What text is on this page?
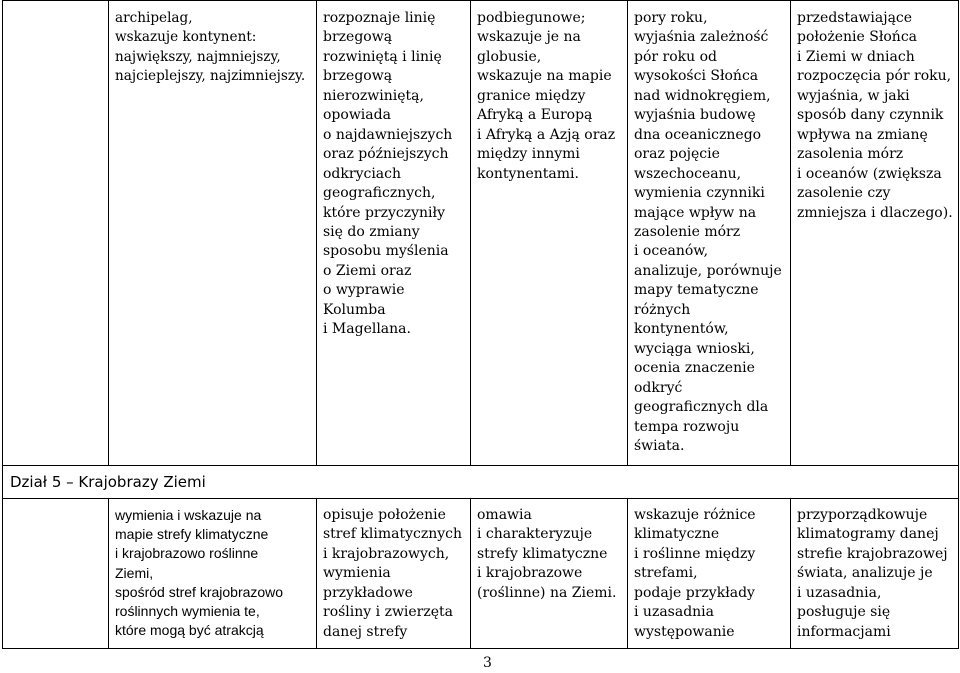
archipelag,
wskazuje kontynent:
największy, najmniejszy,
najcieplejszy, najzimniejszy.
rozpoznaje linię
brzegową
rozwiniętą i linię
brzegową
nierozwiniętą,
opowiada
o najdawniejszych
oraz późniejszych
odkryciach
geograficznych,
które przyczyniły
się do zmiany
sposobu myślenia
o Ziemi oraz
o wyprawie
Kolumba
i Magellana.
podbiegunowe;
wskazuje je na
globusie,
wskazuje na mapie
granice między
Afryką a Europą
i Afryką a Azją oraz
między innymi
kontynentami.
pory roku,
wyjaśnia zależność
pór roku od
wysokości Słońca
nad widnokręgiem,
wyjaśnia budowę
dna oceanicznego
oraz pojęcie
wszechoceanu,
wymienia czynniki
mające wpływ na
zasolenie mórz
i oceanów,
analizuje, porównuje
mapy tematyczne
różnych
kontynentów,
wyciąga wnioski,
ocenia znaczenie
odkryć
geograficznych dla
tempa rozwoju
świata.
przedstawiające
położenie Słońca
i Ziemi w dniach
rozpoczęcia pór roku,
wyjaśnia, w jaki
sposób dany czynnik
wpływa na zmianę
zasolenia mórz
i oceanów (zwiększa
zasolenie czy
zmniejsza i dlaczego).
Dział 5 – Krajobrazy Ziemi
wymienia i wskazuje na
mapie strefy klimatyczne
i krajobrazowo roślinne
Ziemi,
spośród stref krajobrazowo
roślinnych wymienia te,
które mogą być atrakcją
opisuje położenie
stref klimatycznych
i krajobrazowych,
wymienia
przykładowe
rośliny i zwierzęta
danej strefy
omawia
i charakteryzuje
strefy klimatyczne
i krajobrazowe
(roślinne) na Ziemi.
wskazuje różnice
klimatyczne
i roślinne między
strefami,
podaje przykłady
i uzasadnia
występowanie
przyporządkowuje
klimatogramy danej
strefie krajobrazowej
świata, analizuje je
i uzasadnia,
posługuje się
informacjami
3
